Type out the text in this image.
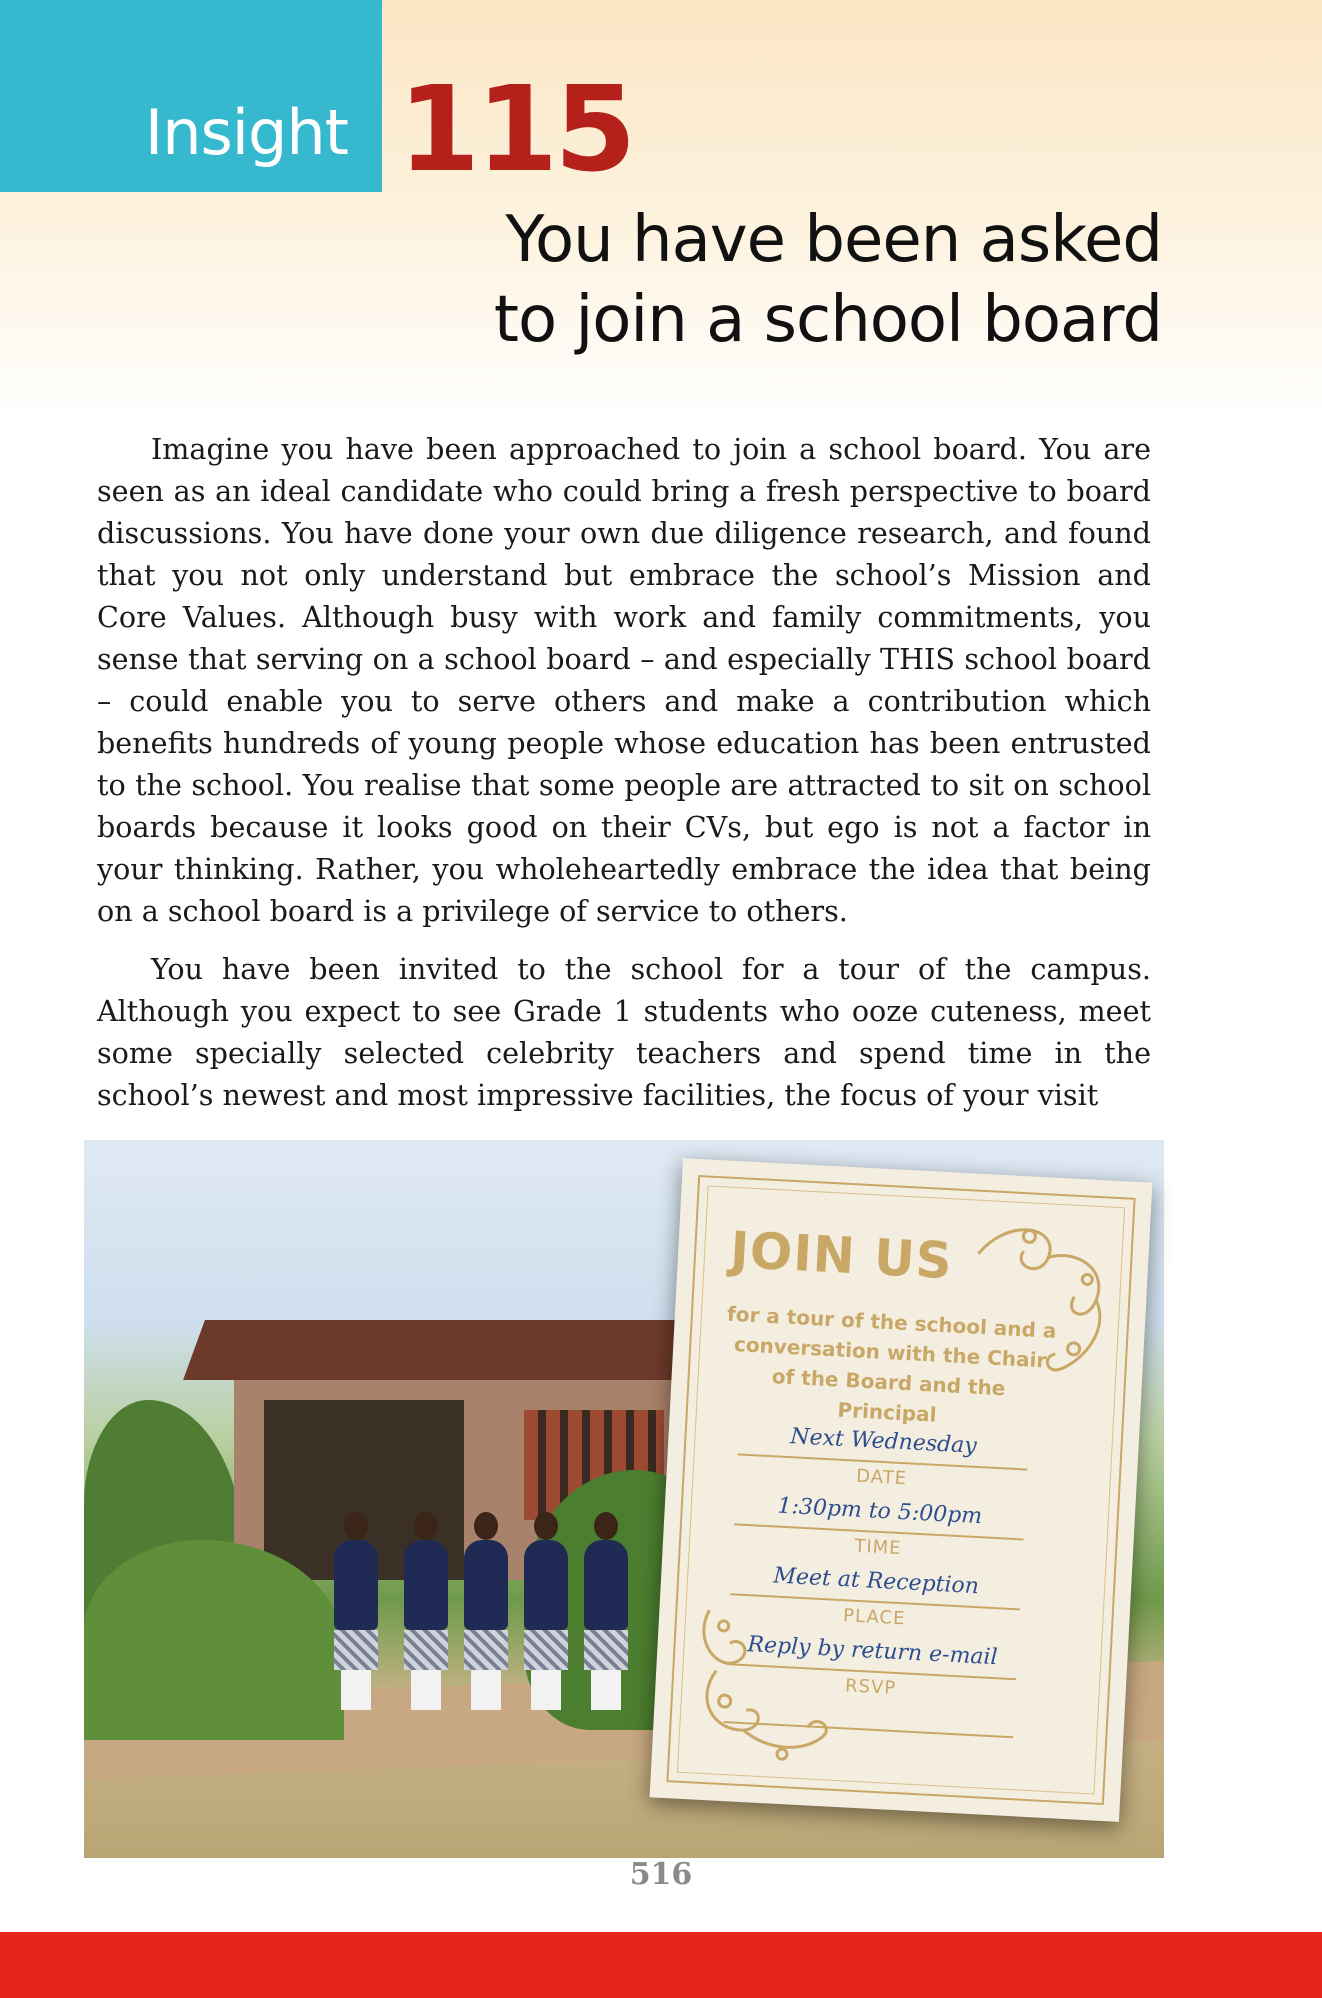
Insight 115
You have been asked
to join a school board

Imagine you have been approached to join a school board. You are seen as an ideal candidate who could bring a fresh perspective to board discussions. You have done your own due diligence research, and found that you not only understand but embrace the school’s Mission and Core Values. Although busy with work and family commitments, you sense that serving on a school board – and especially THIS school board – could enable you to serve others and make a contribution which benefits hundreds of young people whose education has been entrusted to the school. You realise that some people are attracted to sit on school boards because it looks good on their CVs, but ego is not a factor in your thinking. Rather, you wholeheartedly embrace the idea that being on a school board is a privilege of service to others.

You have been invited to the school for a tour of the campus. Although you expect to see Grade 1 students who ooze cuteness, meet some specially selected celebrity teachers and spend time in the school’s newest and most impressive facilities, the focus of your visit

JOIN US
for a tour of the school and a conversation with the Chair of the Board and the Principal
Next Wednesday
DATE
1:30pm to 5:00pm
TIME
Meet at Reception
PLACE
Reply by return e-mail
RSVP
516
